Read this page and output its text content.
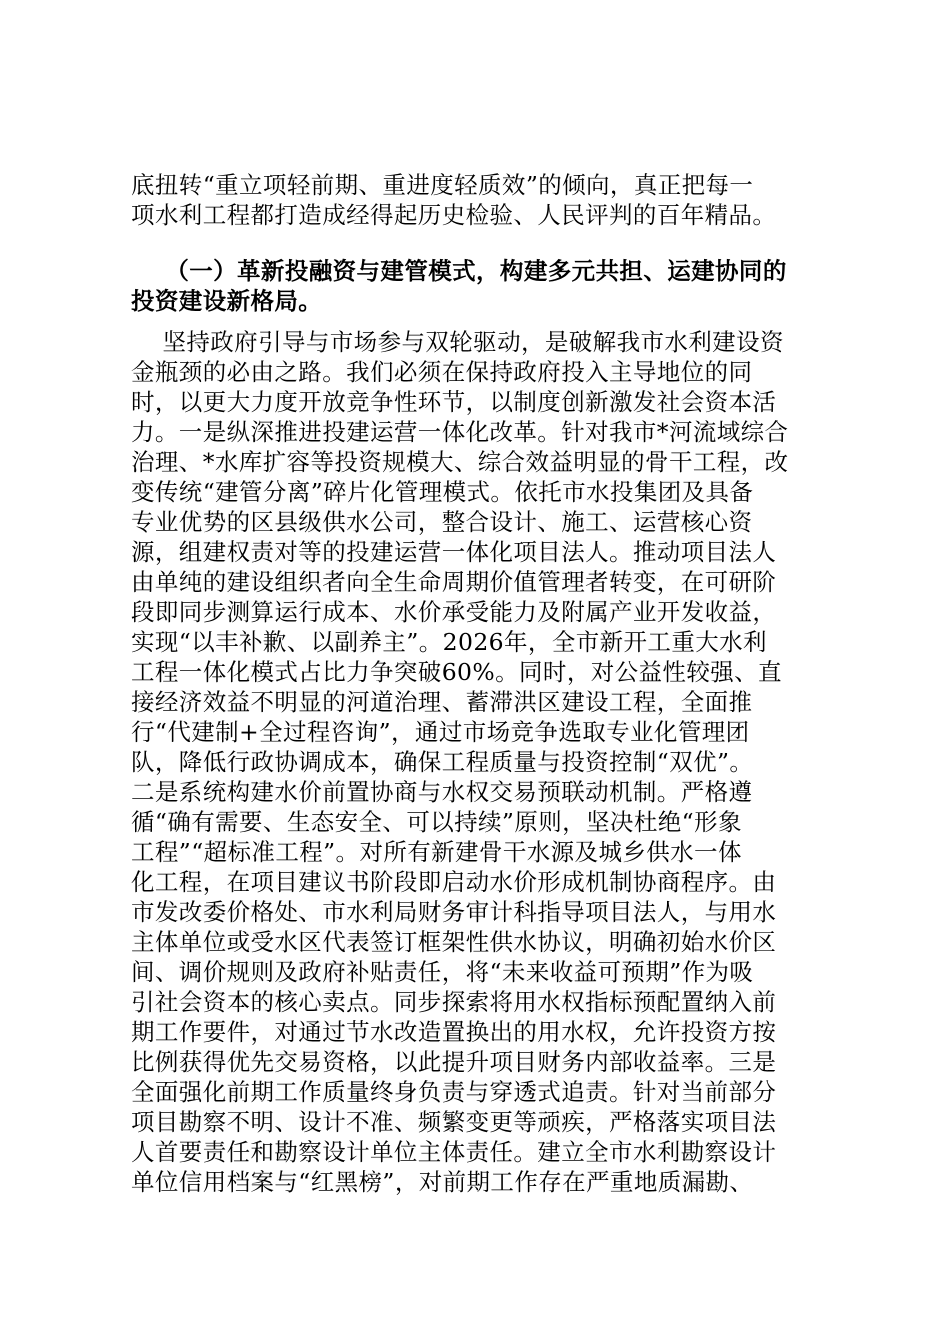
底扭转“重立项轻前期、重进度轻质效”的倾向，真正把每一
项水利工程都打造成经得起历史检验、人民评判的百年精品。
（一）革新投融资与建管模式，构建多元共担、运建协同的
投资建设新格局。
坚持政府引导与市场参与双轮驱动，是破解我市水利建设资
金瓶颈的必由之路。我们必须在保持政府投入主导地位的同
时，以更大力度开放竞争性环节，以制度创新激发社会资本活
力。一是纵深推进投建运营一体化改革。针对我市*河流域综合
治理、*水库扩容等投资规模大、综合效益明显的骨干工程，改
变传统“建管分离”碎片化管理模式。依托市水投集团及具备
专业优势的区县级供水公司，整合设计、施工、运营核心资
源，组建权责对等的投建运营一体化项目法人。推动项目法人
由单纯的建设组织者向全生命周期价值管理者转变，在可研阶
段即同步测算运行成本、水价承受能力及附属产业开发收益，
实现“以丰补歉、以副养主”。2026年，全市新开工重大水利
工程一体化模式占比力争突破60%。同时，对公益性较强、直
接经济效益不明显的河道治理、蓄滞洪区建设工程，全面推
行“代建制+全过程咨询”，通过市场竞争选取专业化管理团
队，降低行政协调成本，确保工程质量与投资控制“双优”。
二是系统构建水价前置协商与水权交易预联动机制。严格遵
循“确有需要、生态安全、可以持续”原则，坚决杜绝“形象
工程”“超标准工程”。对所有新建骨干水源及城乡供水一体
化工程，在项目建议书阶段即启动水价形成机制协商程序。由
市发改委价格处、市水利局财务审计科指导项目法人，与用水
主体单位或受水区代表签订框架性供水协议，明确初始水价区
间、调价规则及政府补贴责任，将“未来收益可预期”作为吸
引社会资本的核心卖点。同步探索将用水权指标预配置纳入前
期工作要件，对通过节水改造置换出的用水权，允许投资方按
比例获得优先交易资格，以此提升项目财务内部收益率。三是
全面强化前期工作质量终身负责与穿透式追责。针对当前部分
项目勘察不明、设计不准、频繁变更等顽疾，严格落实项目法
人首要责任和勘察设计单位主体责任。建立全市水利勘察设计
单位信用档案与“红黑榜”，对前期工作存在严重地质漏勘、
